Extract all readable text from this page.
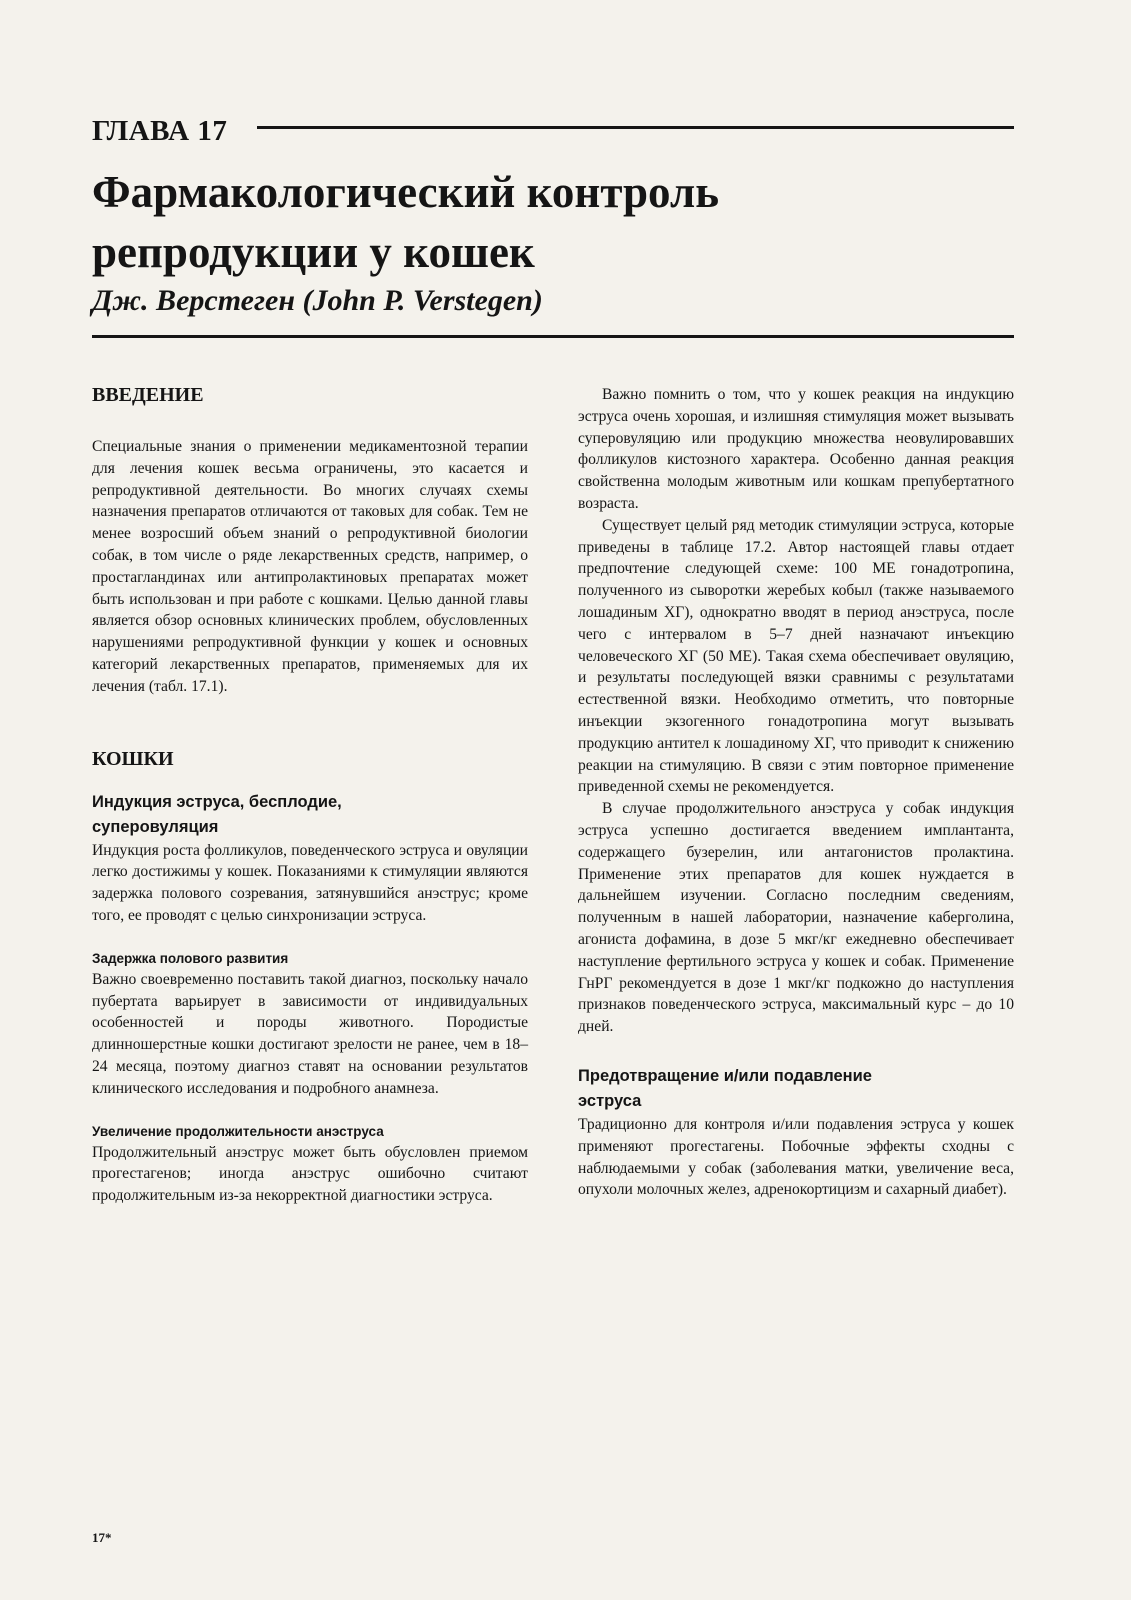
ГЛАВА 17
Фармакологический контроль
репродукции у кошек
Дж. Верстеген (John P. Verstegen)
ВВЕДЕНИЕ

Специальные знания о применении медикаментозной терапии для лечения кошек весьма ограничены, это касается и репродуктивной деятельности. Во многих случаях схемы назначения препаратов отличаются от таковых для собак. Тем не менее возросший объем знаний о репродуктивной биологии собак, в том числе о ряде лекарственных средств, например, о простагландинах или антипролактиновых препаратах может быть использован и при работе с кошками. Целью данной главы является обзор основных клинических проблем, обусловленных нарушениями репродуктивной функции у кошек и основных категорий лекарственных препаратов, применяемых для их лечения (табл. 17.1).

КОШКИ
Индукция эструса, бесплодие, суперовуляция

Индукция роста фолликулов, поведенческого эструса и овуляции легко достижимы у кошек. Показаниями к стимуляции являются задержка полового созревания, затянувшийся анэструс; кроме того, ее проводят с целью синхронизации эструса.

Задержка полового развития

Важно своевременно поставить такой диагноз, поскольку начало пубертата варьирует в зависимости от индивидуальных особенностей и породы животного. Породистые длинношерстные кошки достигают зрелости не ранее, чем в 18–24 месяца, поэтому диагноз ставят на основании результатов клинического исследования и подробного анамнеза.

Увеличение продолжительности анэструса

Продолжительный анэструс может быть обусловлен приемом прогестагенов; иногда анэструс ошибочно считают продолжительным из-за некорректной диагностики эструса.

Важно помнить о том, что у кошек реакция на индукцию эструса очень хорошая, и излишняя стимуляция может вызывать суперовуляцию или продукцию множества неовулировавших фолликулов кистозного характера. Особенно данная реакция свойственна молодым животным или кошкам препубертатного возраста.

Существует целый ряд методик стимуляции эструса, которые приведены в таблице 17.2. Автор настоящей главы отдает предпочтение следующей схеме: 100 МЕ гонадотропина, полученного из сыворотки жеребых кобыл (также называемого лошадиным ХГ), однократно вводят в период анэструса, после чего с интервалом в 5–7 дней назначают инъекцию человеческого ХГ (50 МЕ). Такая схема обеспечивает овуляцию, и результаты последующей вязки сравнимы с результатами естественной вязки. Необходимо отметить, что повторные инъекции экзогенного гонадотропина могут вызывать продукцию антител к лошадиному ХГ, что приводит к снижению реакции на стимуляцию. В связи с этим повторное применение приведенной схемы не рекомендуется.

В случае продолжительного анэструса у собак индукция эструса успешно достигается введением имплантанта, содержащего бузерелин, или антагонистов пролактина. Применение этих препаратов для кошек нуждается в дальнейшем изучении. Согласно последним сведениям, полученным в нашей лаборатории, назначение каберголина, агониста дофамина, в дозе 5 мкг/кг ежедневно обеспечивает наступление фертильного эструса у кошек и собак. Применение ГнРГ рекомендуется в дозе 1 мкг/кг подкожно до наступления признаков поведенческого эструса, максимальный курс – до 10 дней.

Предотвращение и/или подавление эструса

Традиционно для контроля и/или подавления эструса у кошек применяют прогестагены. Побочные эффекты сходны с наблюдаемыми у собак (заболевания матки, увеличение веса, опухоли молочных желез, адренокортицизм и сахарный диабет).

17*
